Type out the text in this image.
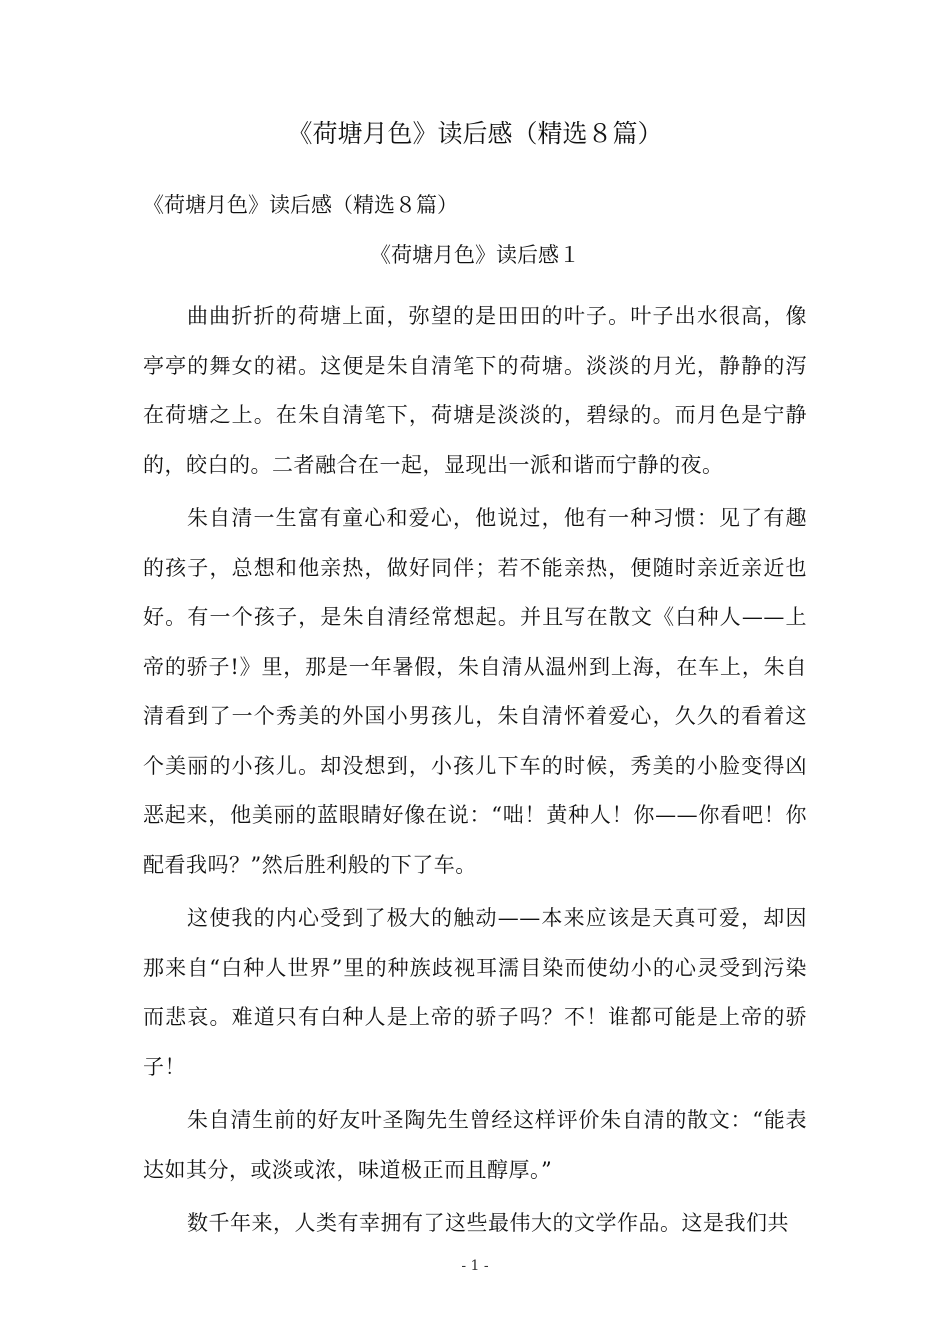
《荷塘月色》读后感（精选８篇）

《荷塘月色》读后感（精选８篇）

《荷塘月色》读后感１

曲曲折折的荷塘上面，弥望的是田田的叶子。叶子出水很高，像亭亭的舞女的裙。这便是朱自清笔下的荷塘。淡淡的月光，静静的泻在荷塘之上。在朱自清笔下，荷塘是淡淡的，碧绿的。而月色是宁静的，皎白的。二者融合在一起，显现出一派和谐而宁静的夜。

朱自清一生富有童心和爱心，他说过，他有一种习惯：见了有趣的孩子，总想和他亲热，做好同伴；若不能亲热，便随时亲近亲近也好。有一个孩子，是朱自清经常想起。并且写在散文《白种人——上帝的骄子!》里，那是一年暑假，朱自清从温州到上海，在车上，朱自清看到了一个秀美的外国小男孩儿，朱自清怀着爱心，久久的看着这个美丽的小孩儿。却没想到，小孩儿下车的时候，秀美的小脸变得凶恶起来，他美丽的蓝眼睛好像在说：“咄！黄种人！你——你看吧！你配看我吗？”然后胜利般的下了车。

这使我的内心受到了极大的触动——本来应该是天真可爱，却因那来自“白种人世界”里的种族歧视耳濡目染而使幼小的心灵受到污染而悲哀。难道只有白种人是上帝的骄子吗？不！谁都可能是上帝的骄子！

朱自清生前的好友叶圣陶先生曾经这样评价朱自清的散文：“能表达如其分，或淡或浓，味道极正而且醇厚。”

数千年来，人类有幸拥有了这些最伟大的文学作品。这是我们共

- 1 -
